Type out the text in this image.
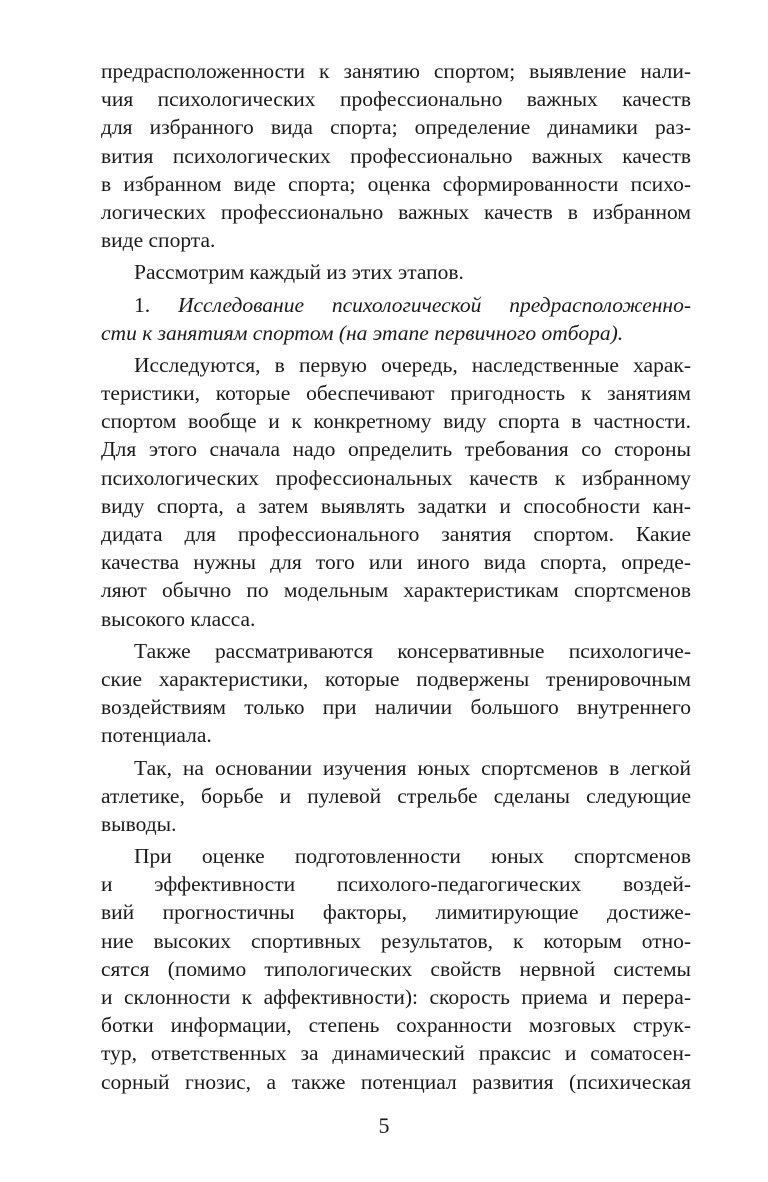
предрасположенности к занятию спортом; выявление нали-
чия психологических профессионально важных качеств
для избранного вида спорта; определение динамики раз-
вития психологических профессионально важных качеств
в избранном виде спорта; оценка сформированности психо-
логических профессионально важных качеств в избранном
виде спорта.
Рассмотрим каждый из этих этапов.
1. Исследование психологической предрасположенно-
сти к занятиям спортом (на этапе первичного отбора).
Исследуются, в первую очередь, наследственные харак-
теристики, которые обеспечивают пригодность к занятиям
спортом вообще и к конкретному виду спорта в частности.
Для этого сначала надо определить требования со стороны
психологических профессиональных качеств к избранному
виду спорта, а затем выявлять задатки и способности кан-
дидата для профессионального занятия спортом. Какие
качества нужны для того или иного вида спорта, опреде-
ляют обычно по модельным характеристикам спортсменов
высокого класса.
Также рассматриваются консервативные психологиче-
ские характеристики, которые подвержены тренировочным
воздействиям только при наличии большого внутреннего
потенциала.
Так, на основании изучения юных спортсменов в легкой
атлетике, борьбе и пулевой стрельбе сделаны следующие
выводы.
При оценке подготовленности юных спортсменов
и эффективности психолого-педагогических воздей-
вий прогностичны факторы, лимитирующие достиже-
ние высоких спортивных результатов, к которым отно-
сятся (помимо типологических свойств нервной системы
и склонности к аффективности): скорость приема и перера-
ботки информации, степень сохранности мозговых струк-
тур, ответственных за динамический праксис и соматосен-
сорный гнозис, а также потенциал развития (психическая
5
